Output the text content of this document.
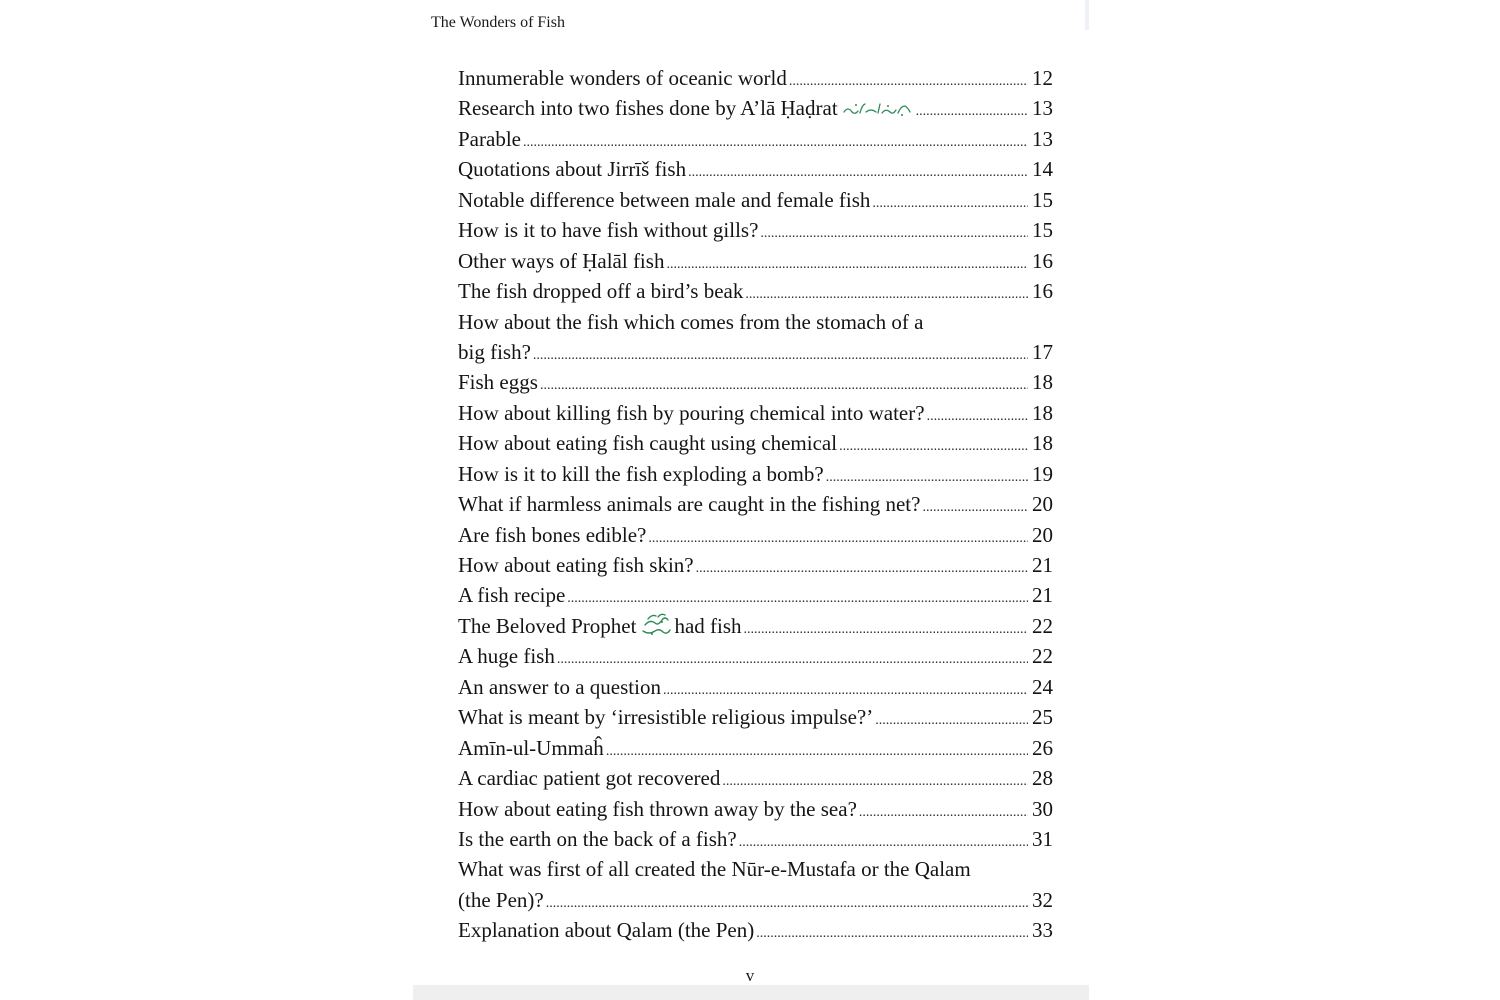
The Wonders of Fish
Innumerable wonders of oceanic world .....	12
Research into two fishes done by A’lā Ḥaḍrat .....	13
Parable .....	13
Quotations about Jirrīš fish .....	14
Notable difference between male and female fish .....	15
How is it to have fish without gills? .....	15
Other ways of Ḥalāl fish .....	16
The fish dropped off a bird’s beak .....	16
How about the fish which comes from the stomach of a
big fish? .....	17
Fish eggs .....	18
How about killing fish by pouring chemical into water? .....	18
How about eating fish caught using chemical .....	18
How is it to kill the fish exploding a bomb? .....	19
What if harmless animals are caught in the fishing net? .....	20
Are fish bones edible? .....	20
How about eating fish skin? .....	21
A fish recipe .....	21
The Beloved Prophet had fish .....	22
A huge fish .....	22
An answer to a question .....	24
What is meant by ‘irresistible religious impulse?’ .....	25
Amīn-ul-Ummaĥ .....	26
A cardiac patient got recovered .....	28
How about eating fish thrown away by the sea? .....	30
Is the earth on the back of a fish? .....	31
What was first of all created the Nūr-e-Mustafa or the Qalam
(the Pen)? .....	32
Explanation about Qalam (the Pen) .....	33
v
